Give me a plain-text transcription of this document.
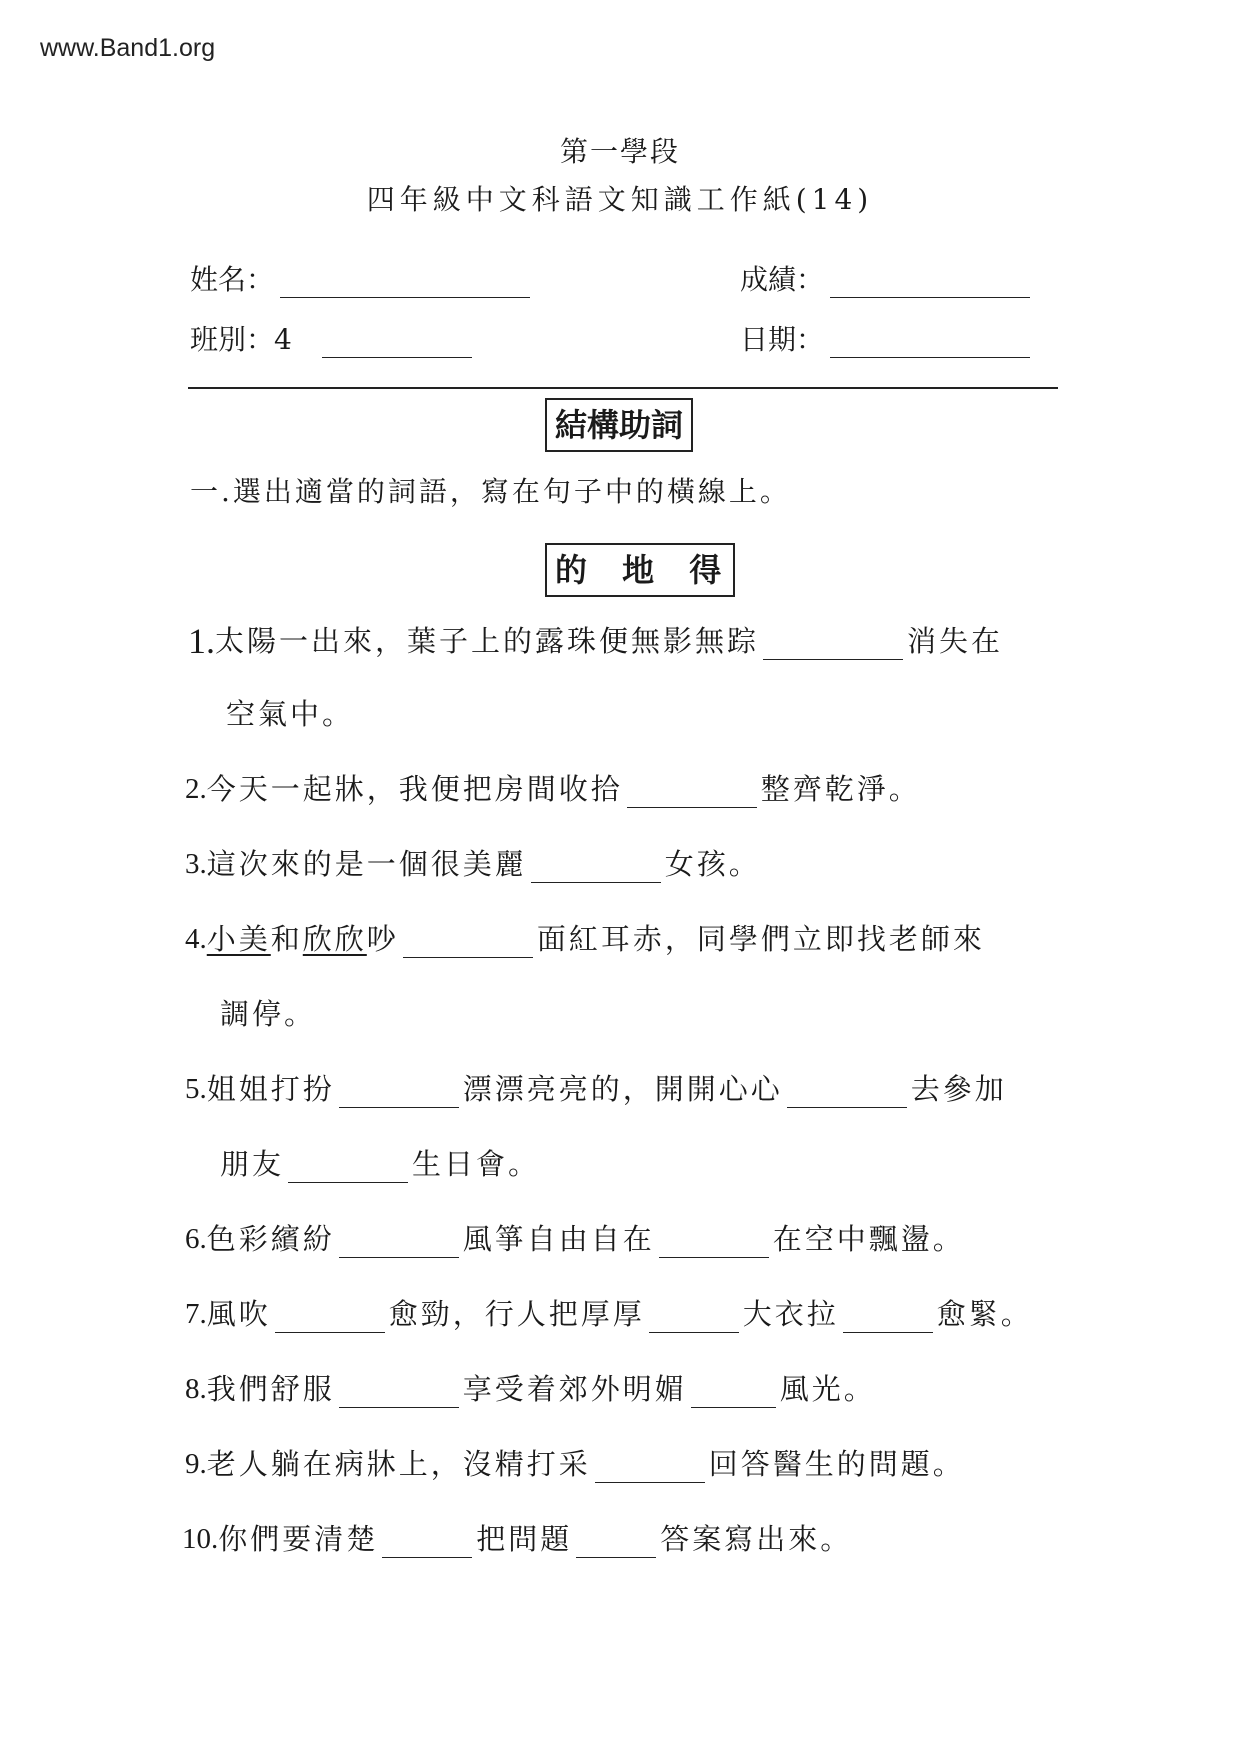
www.Band1.org
第一學段
四年級中文科語文知識工作紙(14)
姓名：	成績：
班別：4	日期：
結構助詞
一.選出適當的詞語，寫在句子中的橫線上。
的 地 得
1. 太陽一出來，葉子上的露珠便無影無踪	消失在
空氣中。
2. 今天一起牀，我便把房間收拾	整齊乾淨。
3. 這次來的是一個很美麗	女孩。
4. 小美 和 欣欣 吵	面紅耳赤，同學們立即找老師來
調停。
5. 姐姐打扮	漂漂亮亮的，開開心心	去參加
朋友	生日會。
6. 色彩繽紛	風箏自由自在	在空中飄盪。
7. 風吹	愈勁，行人把厚厚	大衣拉	愈緊。
8. 我們舒服	享受着郊外明媚	風光。
9. 老人躺在病牀上，沒精打采	回答醫生的問題。
10. 你們要清楚	把問題	答案寫出來。
